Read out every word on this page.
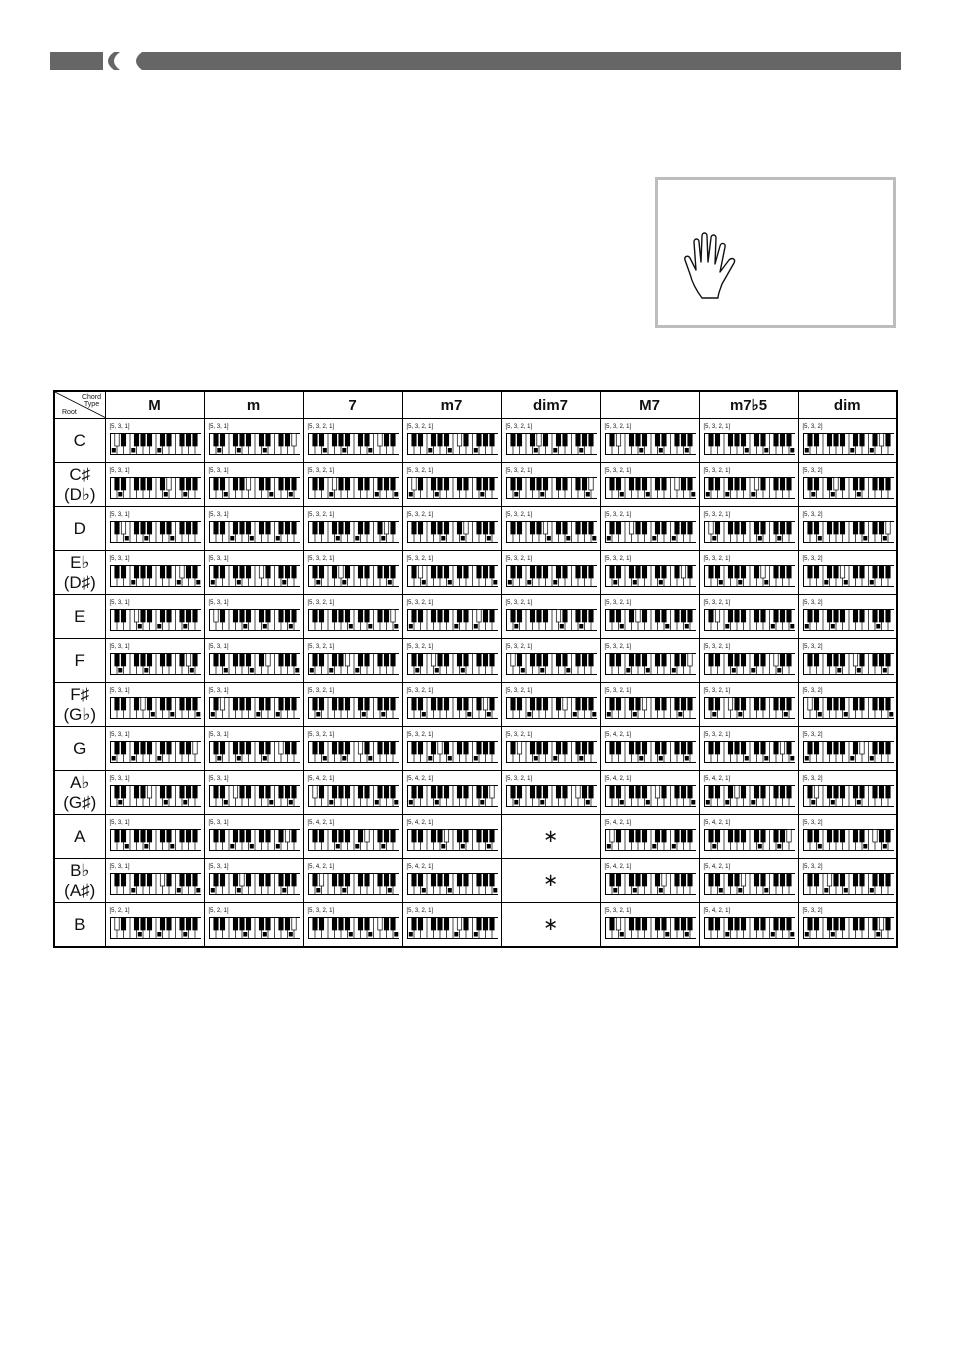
Chord Type
Root	M	m	7	m7	dim7	M7	m7♭5	dim

C	[5, 3, 1]	[5, 3, 1]	[5, 3, 2, 1]	[5, 3, 2, 1]	[5, 3, 2, 1]	[5, 3, 2, 1]	[5, 3, 2, 1]	[5, 3, 2]

C♯
(D♭)	[5, 3, 1]	[5, 3, 1]	[5, 3, 2, 1]	[5, 3, 2, 1]	[5, 3, 2, 1]	[5, 3, 2, 1]	[5, 3, 2, 1]	[5, 3, 2]

D	[5, 3, 1]	[5, 3, 1]	[5, 3, 2, 1]	[5, 3, 2, 1]	[5, 3, 2, 1]	[5, 3, 2, 1]	[5, 3, 2, 1]	[5, 3, 2]

E♭
(D♯)	[5, 3, 1]	[5, 3, 1]	[5, 3, 2, 1]	[5, 3, 2, 1]	[5, 3, 2, 1]	[5, 3, 2, 1]	[5, 3, 2, 1]	[5, 3, 2]

E	[5, 3, 1]	[5, 3, 1]	[5, 3, 2, 1]	[5, 3, 2, 1]	[5, 3, 2, 1]	[5, 3, 2, 1]	[5, 3, 2, 1]	[5, 3, 2]

F	[5, 3, 1]	[5, 3, 1]	[5, 3, 2, 1]	[5, 3, 2, 1]	[5, 3, 2, 1]	[5, 3, 2, 1]	[5, 3, 2, 1]	[5, 3, 2]

F♯
(G♭)	[5, 3, 1]	[5, 3, 1]	[5, 3, 2, 1]	[5, 3, 2, 1]	[5, 3, 2, 1]	[5, 3, 2, 1]	[5, 3, 2, 1]	[5, 3, 2]

G	[5, 3, 1]	[5, 3, 1]	[5, 3, 2, 1]	[5, 3, 2, 1]	[5, 3, 2, 1]	[5, 4, 2, 1]	[5, 3, 2, 1]	[5, 3, 2]

A♭
(G♯)	[5, 3, 1]	[5, 3, 1]	[5, 4, 2, 1]	[5, 4, 2, 1]	[5, 3, 2, 1]	[5, 4, 2, 1]	[5, 4, 2, 1]	[5, 3, 2]

A	[5, 3, 1]	[5, 3, 1]	[5, 4, 2, 1]	[5, 4, 2, 1]	∗	[5, 4, 2, 1]	[5, 4, 2, 1]	[5, 3, 2]

B♭
(A♯)	[5, 3, 1]	[5, 3, 1]	[5, 4, 2, 1]	[5, 4, 2, 1]	∗	[5, 4, 2, 1]	[5, 4, 2, 1]	[5, 3, 2]

B	[5, 2, 1]	[5, 2, 1]	[5, 3, 2, 1]	[5, 3, 2, 1]	∗	[5, 3, 2, 1]	[5, 4, 2, 1]	[5, 3, 2]
